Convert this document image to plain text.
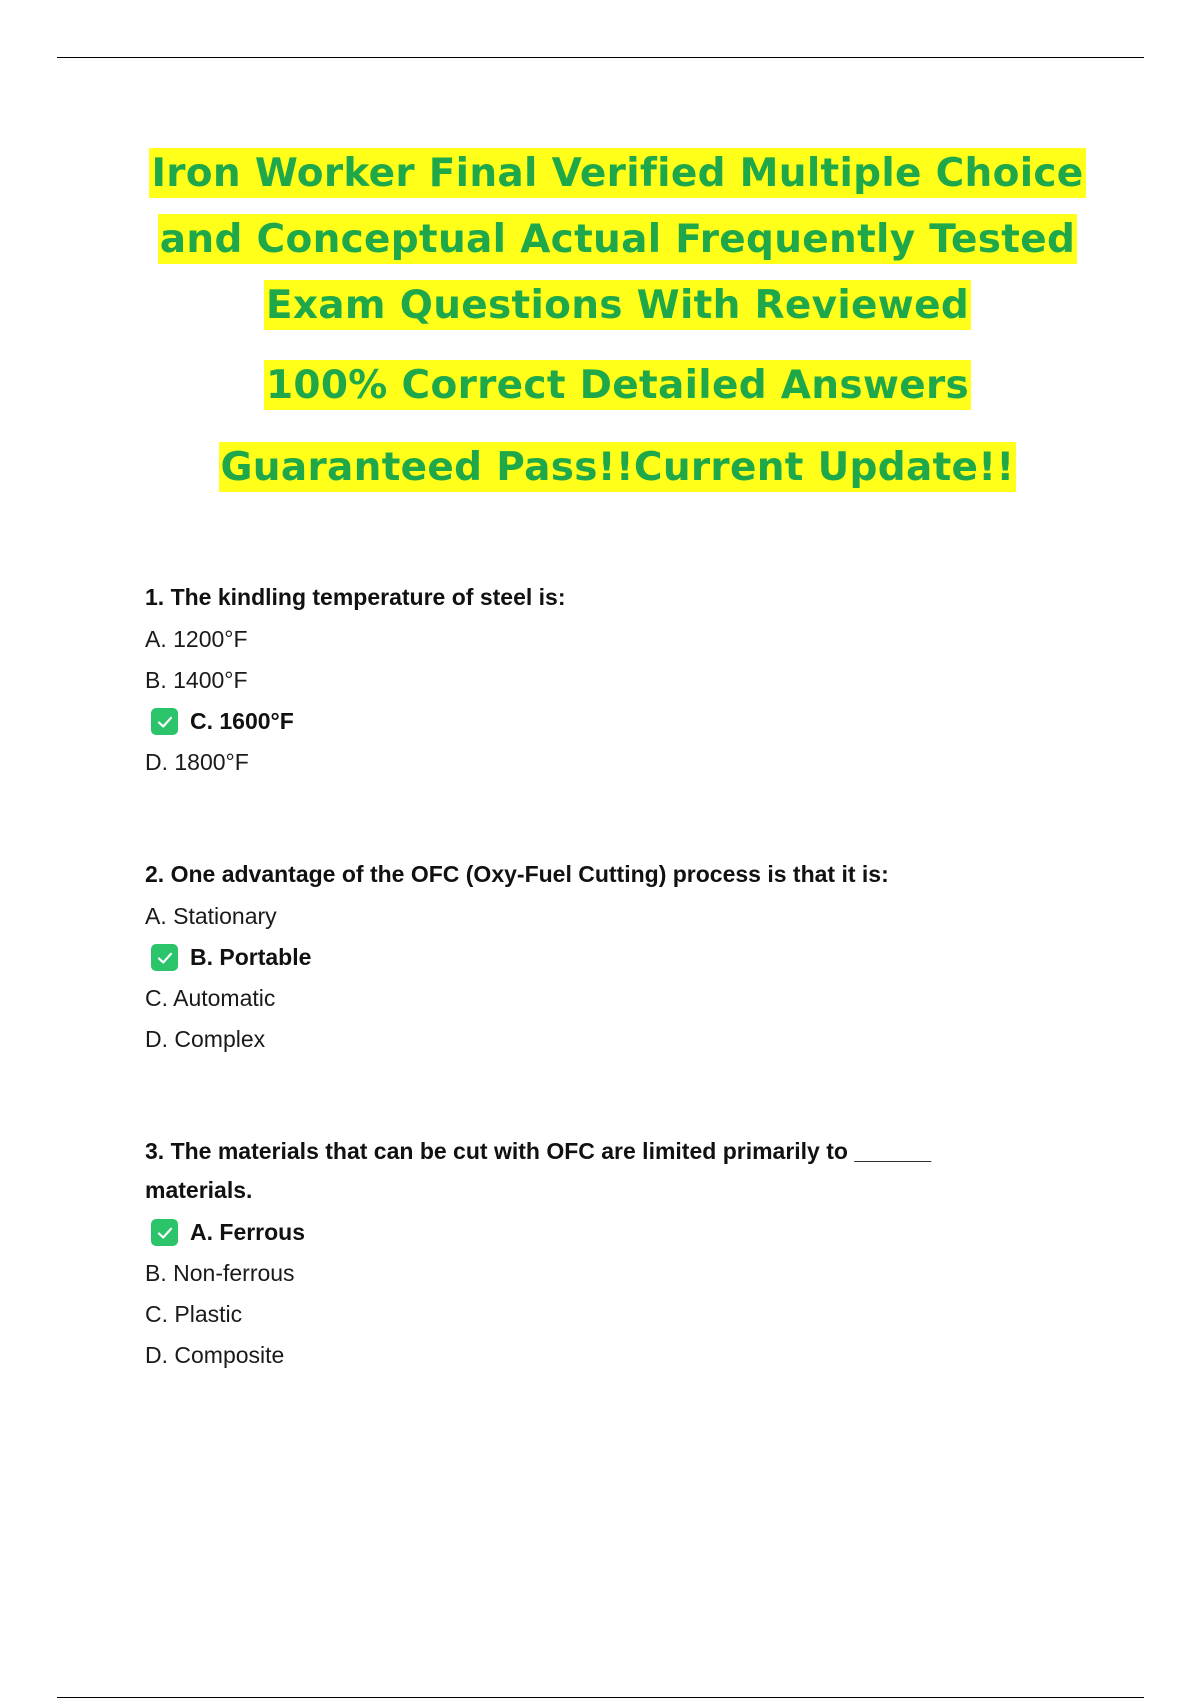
Iron Worker Final Verified Multiple Choice
and Conceptual Actual Frequently Tested
Exam Questions With Reviewed
100% Correct Detailed Answers
Guaranteed Pass!!Current Update!!

1. The kindling temperature of steel is:

A. 1200°F
B. 1400°F
C. 1600°F
D. 1800°F

2. One advantage of the OFC (Oxy-Fuel Cutting) process is that it is:

A. Stationary
B. Portable
C. Automatic
D. Complex

3. The materials that can be cut with OFC are limited primarily to ______ materials.

A. Ferrous
B. Non-ferrous
C. Plastic
D. Composite
